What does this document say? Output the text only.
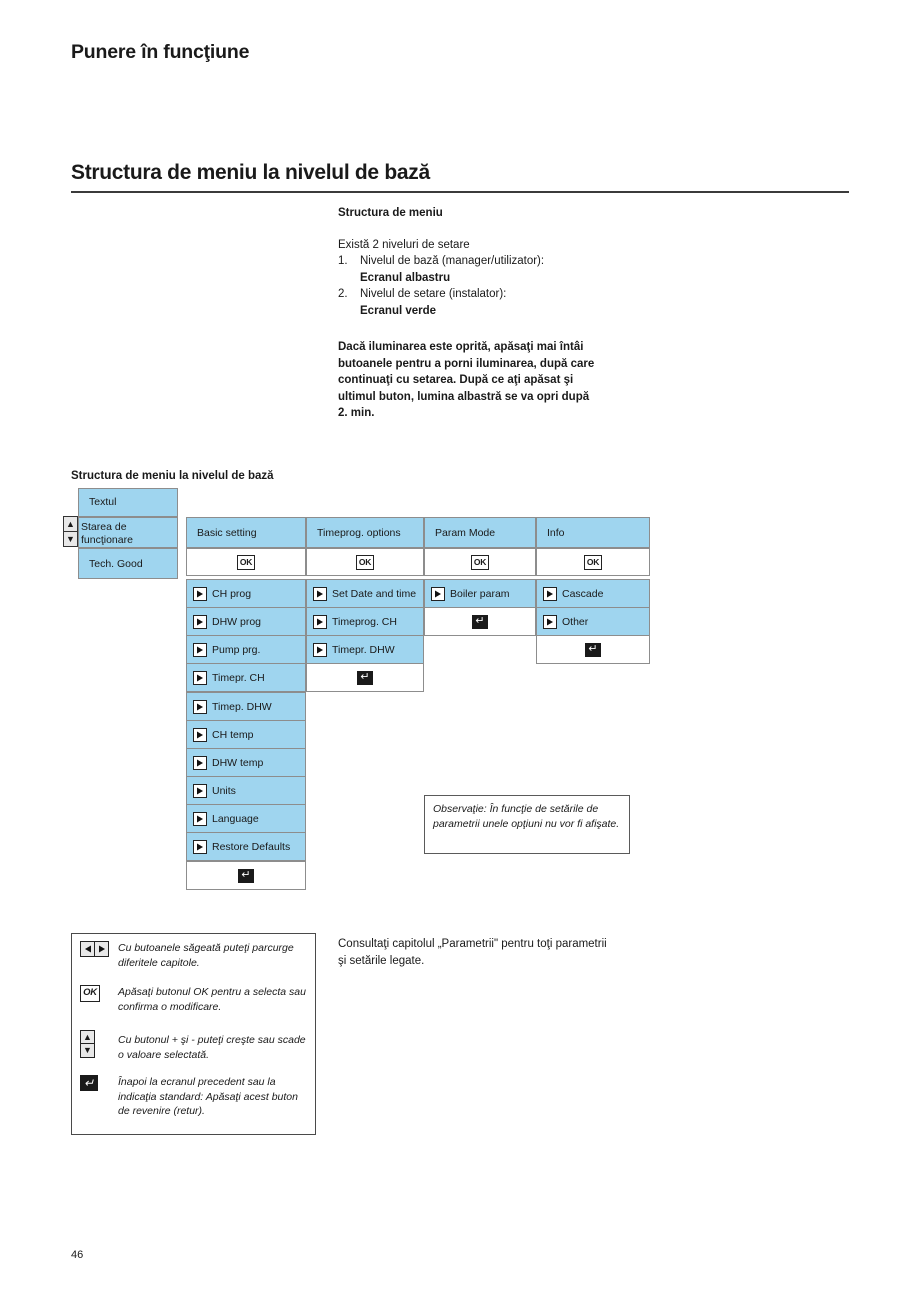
Punere în funcţiune
Structura de meniu la nivelul de bază
Structura de meniu
Există 2 niveluri de setare
1.	Nivelul de bază (manager/utilizator):
Ecranul albastru
2.	Nivelul de setare (instalator):
Ecranul verde
Dacă iluminarea este oprită, apăsaţi mai întâi butoanele pentru a porni iluminarea, după care continuaţi cu setarea. După ce aţi apăsat şi ultimul buton, lumina albastră se va opri după 2. min.
Structura de meniu la nivelul de bază
Textul
Starea de funcţionare
Tech. Good
▲
▼	Basic setting
OK
CH prog
DHW prog
Pump prg.
Timepr. CH
Timep. DHW
CH temp
DHW temp
Units
Language
Restore Defaults
↵
Timeprog. options
OK
Set Date and time
Timeprog. CH
Timepr. DHW
↵
Param Mode
OK
Boiler param
↵
Info
OK
Cascade
Other
↵
Observaţie: În funcţie de setările de parametrii unele opţiuni nu vor fi afişate.
Cu butoanele săgeată puteţi parcurge diferitele capitole.
OK	Apăsaţi butonul OK pentru a selecta sau confirma o modificare.
▲
▼
Cu butonul + şi - puteţi creşte sau scade o valoare selectată.
↵	Înapoi la ecranul precedent sau la indicaţia standard: Apăsaţi acest buton de revenire (retur).
Consultaţi capitolul „Parametrii" pentru toţi parametrii şi setările legate.
46
